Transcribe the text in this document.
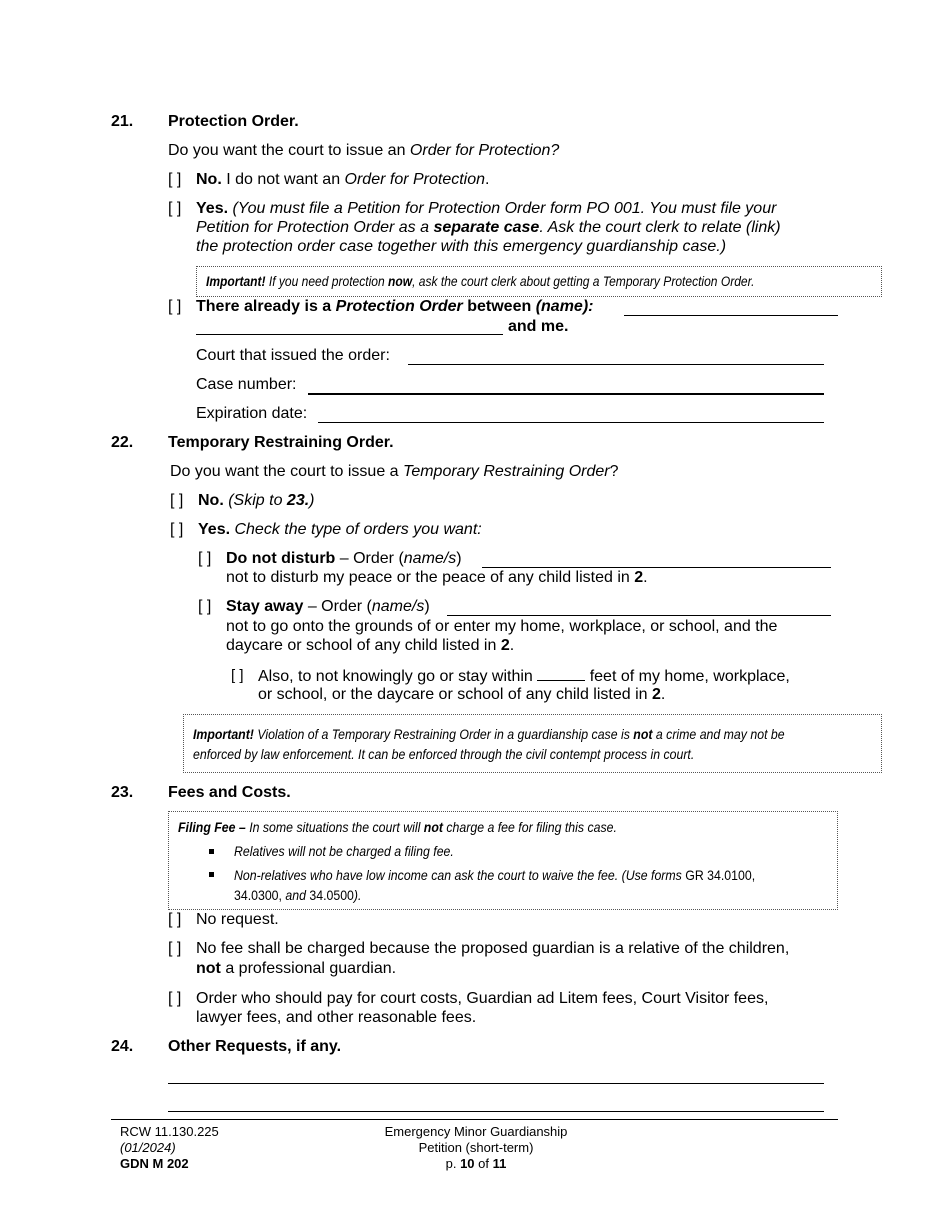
21. Protection Order.
Do you want the court to issue an Order for Protection?
[ ] No. I do not want an Order for Protection.
[ ] Yes. (You must file a Petition for Protection Order form PO 001. You must file your
Petition for Protection Order as a separate case. Ask the court clerk to relate (link)
the protection order case together with this emergency guardianship case.)
Important! If you need protection now, ask the court clerk about getting a Temporary Protection Order.
[ ] There already is a Protection Order between (name):
and me.
Court that issued the order:
Case number:
Expiration date:
22. Temporary Restraining Order.
Do you want the court to issue a Temporary Restraining Order?
[ ] No. (Skip to 23.)
[ ] Yes. Check the type of orders you want:
[ ] Do not disturb – Order (name/s)
not to disturb my peace or the peace of any child listed in 2.
[ ] Stay away – Order (name/s)
not to go onto the grounds of or enter my home, workplace, or school, and the
daycare or school of any child listed in 2.
[ ] Also, to not knowingly go or stay within	feet of my home, workplace,
or school, or the daycare or school of any child listed in 2.
Important! Violation of a Temporary Restraining Order in a guardianship case is not a crime and may not be
enforced by law enforcement. It can be enforced through the civil contempt process in court.
23. Fees and Costs.
Filing Fee – In some situations the court will not charge a fee for filing this case.
Relatives will not be charged a filing fee.
Non-relatives who have low income can ask the court to waive the fee. (Use forms GR 34.0100,
34.0300, and 34.0500).
[ ] No request.
[ ] No fee shall be charged because the proposed guardian is a relative of the children,
not a professional guardian.
[ ] Order who should pay for court costs, Guardian ad Litem fees, Court Visitor fees,
lawyer fees, and other reasonable fees.
24. Other Requests, if any.
RCW 11.130.225
(01/2024)
GDN M 202
Emergency Minor Guardianship
Petition (short-term)
p. 10 of 11
